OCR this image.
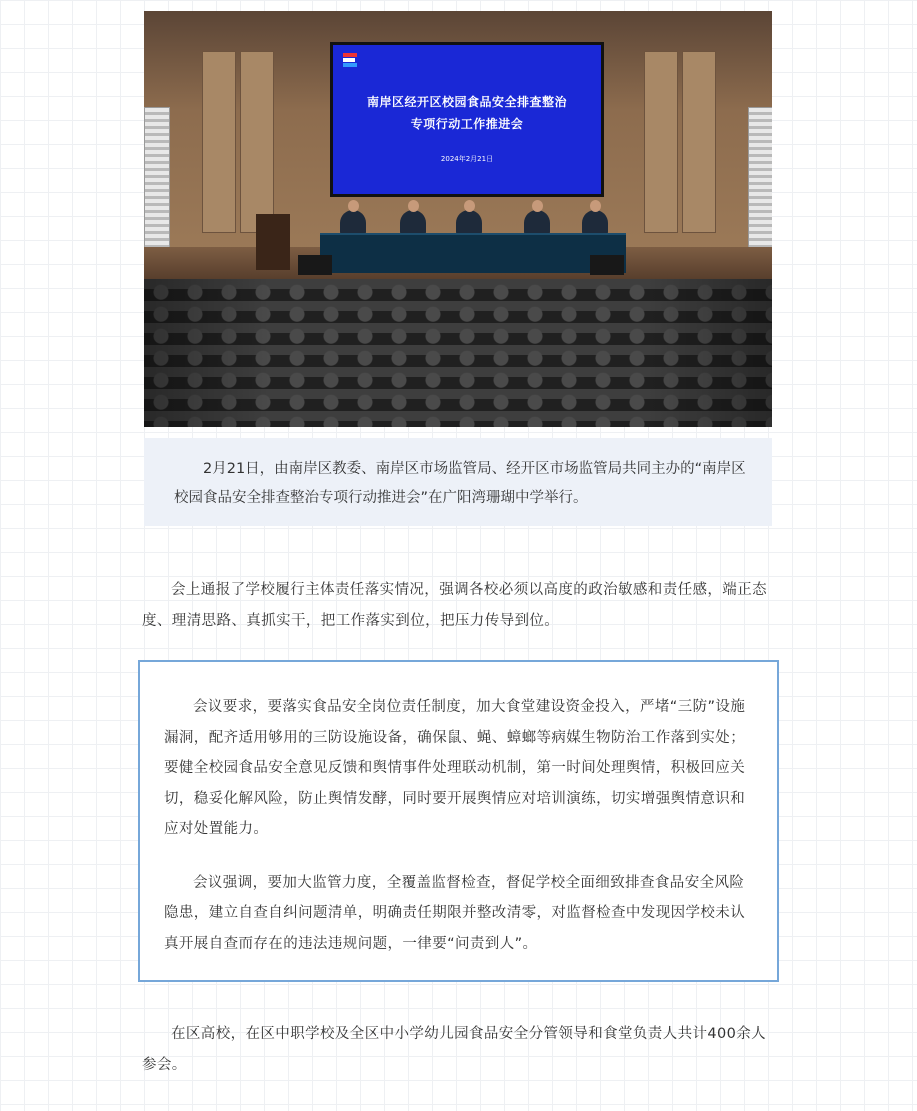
南岸区经开区校园食品安全排查整治
专项行动工作推进会
2024年2月21日
2月21日，由南岸区教委、南岸区市场监管局、经开区市场监管局共同主办的“南岸区校园食品安全排查整治专项行动推进会”在广阳湾珊瑚中学举行。
会上通报了学校履行主体责任落实情况，强调各校必须以高度的政治敏感和责任感，端正态度、理清思路、真抓实干，把工作落实到位，把压力传导到位。

会议要求，要落实食品安全岗位责任制度，加大食堂建设资金投入，严堵“三防”设施漏洞，配齐适用够用的三防设施设备，确保鼠、蝇、蟑螂等病媒生物防治工作落到实处；要健全校园食品安全意见反馈和舆情事件处理联动机制，第一时间处理舆情，积极回应关切，稳妥化解风险，防止舆情发酵，同时要开展舆情应对培训演练，切实增强舆情意识和应对处置能力。

会议强调，要加大监管力度，全覆盖监督检查，督促学校全面细致排查食品安全风险隐患，建立自查自纠问题清单，明确责任期限并整改清零，对监督检查中发现因学校未认真开展自查而存在的违法违规问题，一律要“问责到人”。

在区高校，在区中职学校及全区中小学幼儿园食品安全分管领导和食堂负责人共计400余人参会。
